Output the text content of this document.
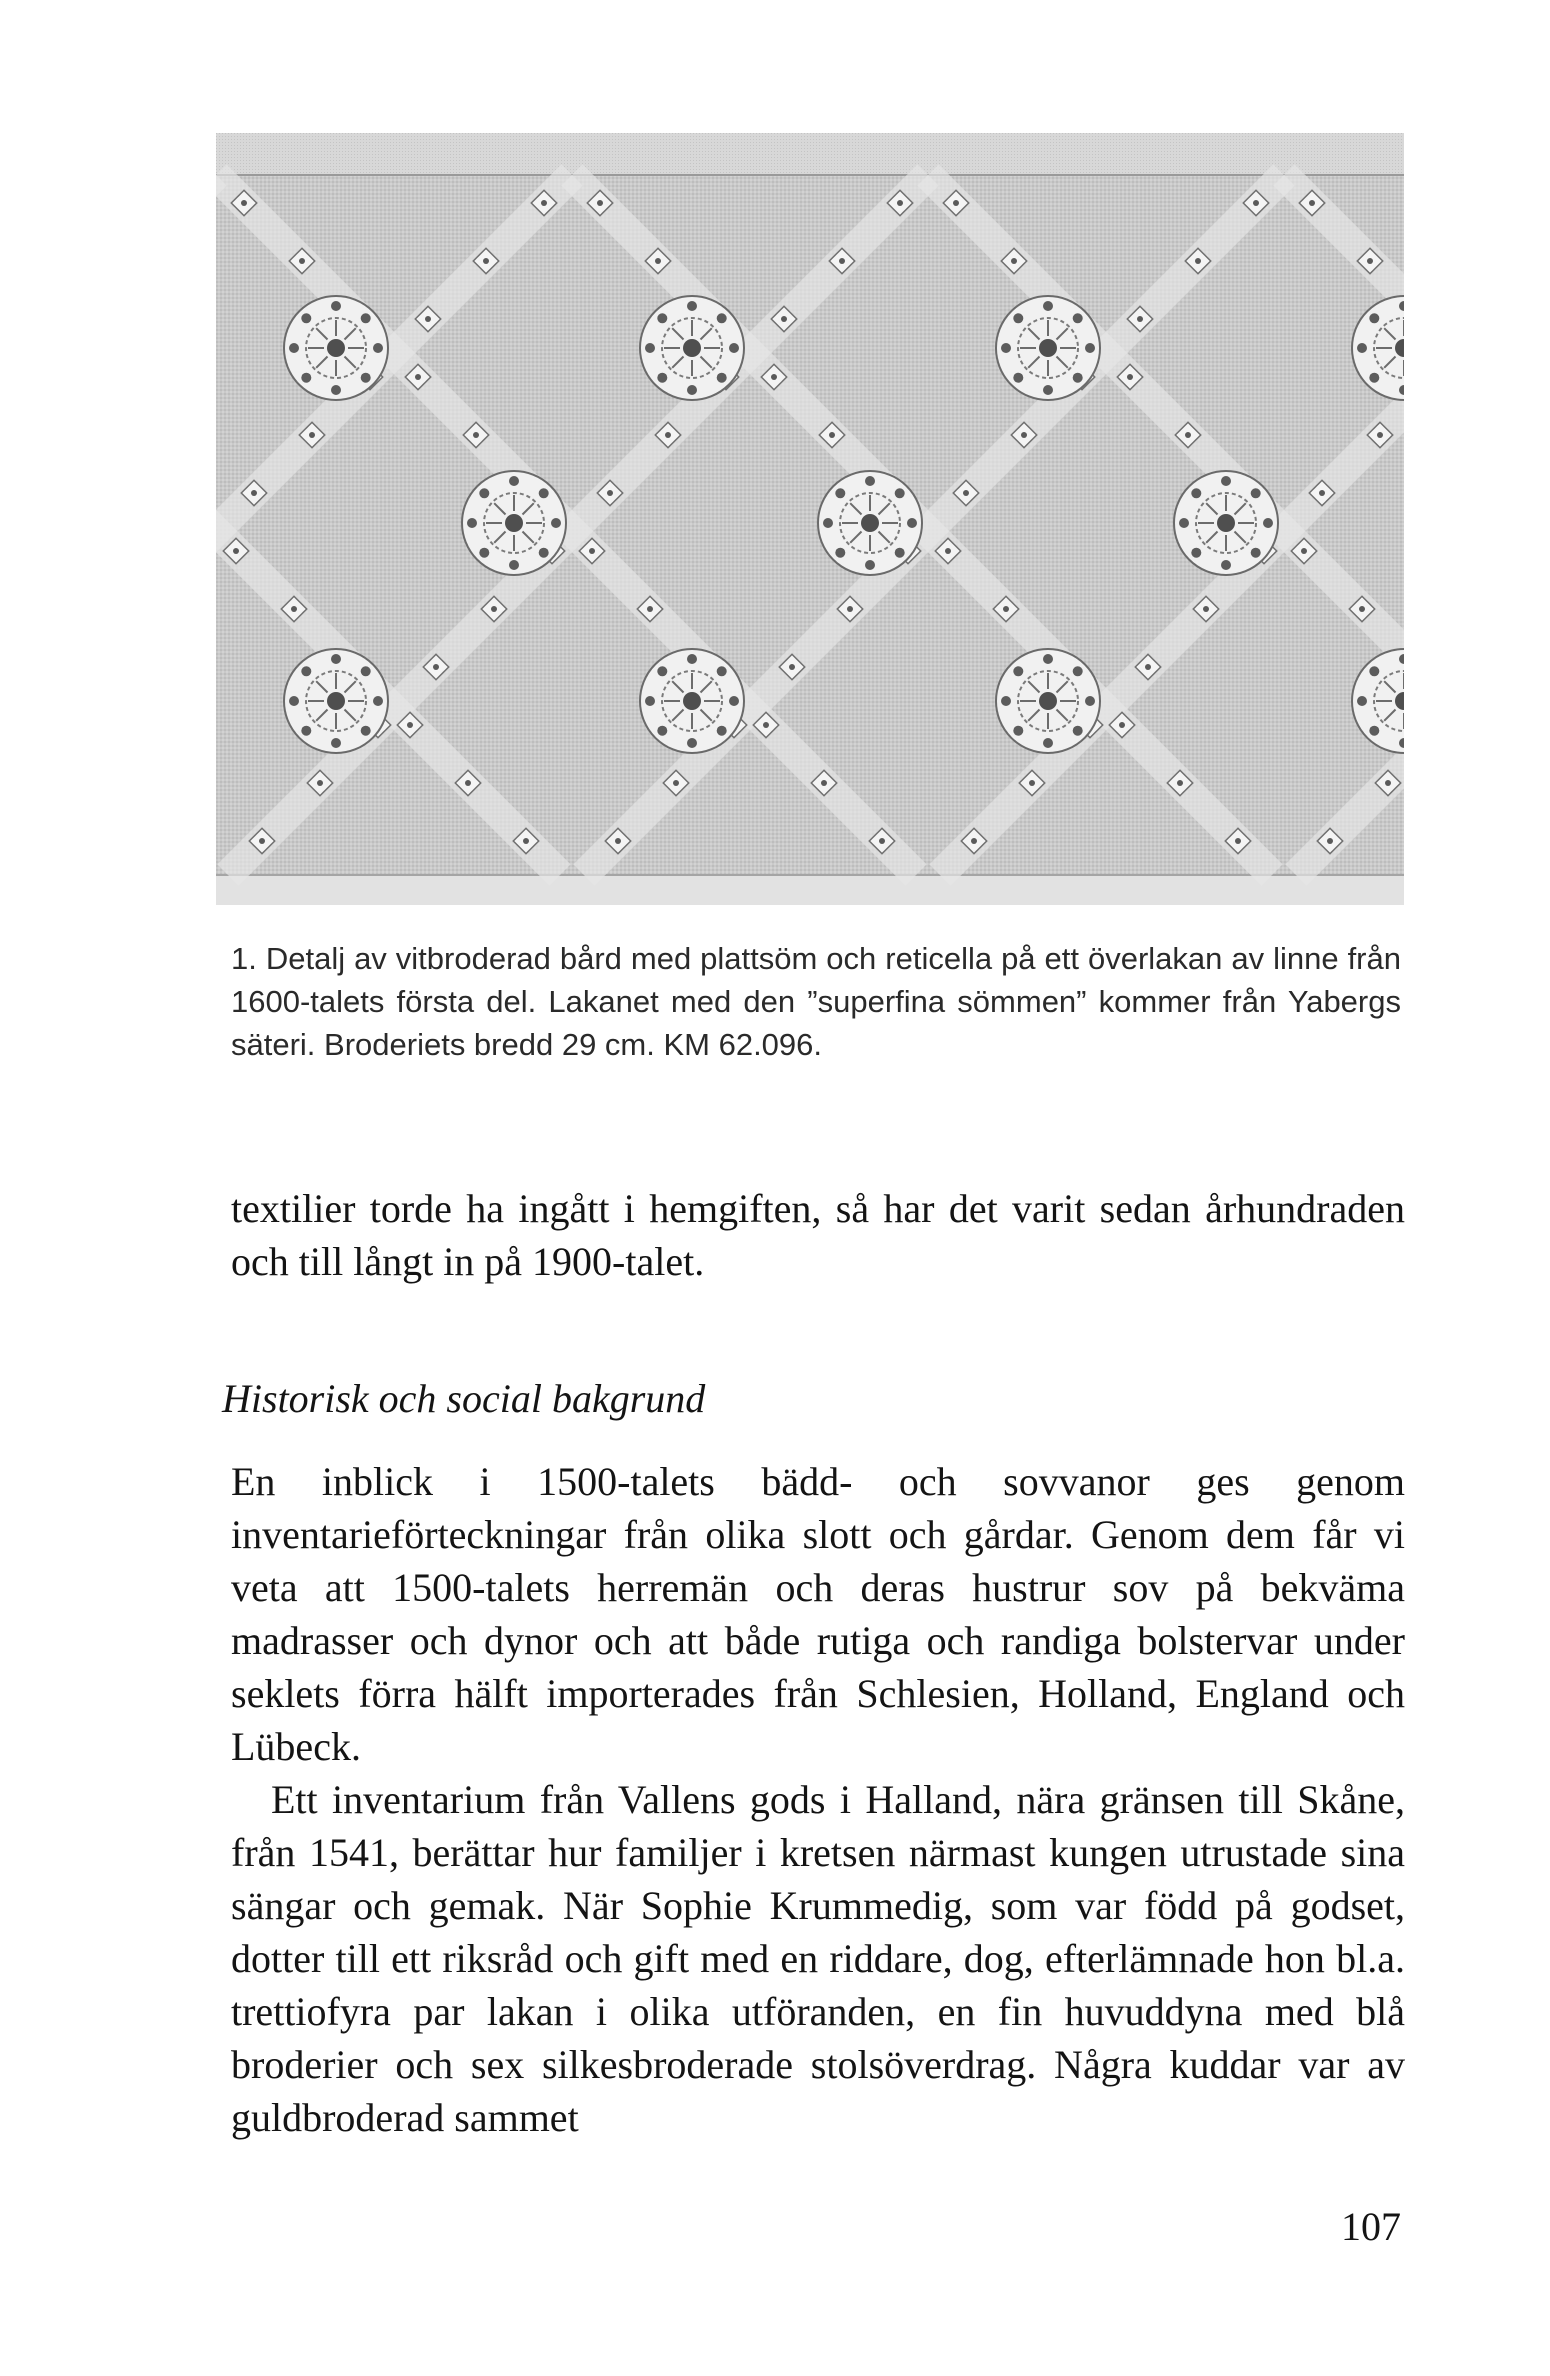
1. Detalj av vitbroderad bård med plattsöm och reticella på ett överlakan av linne från 1600-talets första del. Lakanet med den ”superfina sömmen” kommer från Yabergs säteri. Broderiets bredd 29 cm. KM 62.096.

textilier torde ha ingått i hemgiften, så har det varit sedan århundraden och till långt in på 1900-talet.

Historisk och social bakgrund

En inblick i 1500-talets bädd- och sovvanor ges genom inventarieförteckningar från olika slott och gårdar. Genom dem får vi veta att 1500-talets herremän och deras hustrur sov på bekväma madrasser och dynor och att både rutiga och randiga bolstervar under seklets förra hälft importerades från Schlesien, Holland, England och Lübeck.

Ett inventarium från Vallens gods i Halland, nära gränsen till Skåne, från 1541, berättar hur familjer i kretsen närmast kungen utrustade sina sängar och gemak. När Sophie Krummedig, som var född på godset, dotter till ett riksråd och gift med en riddare, dog, efterlämnade hon bl.a. trettiofyra par lakan i olika utföranden, en fin huvuddyna med blå broderier och sex silkesbroderade stolsöverdrag. Några kuddar var av guldbroderad sammet

107
